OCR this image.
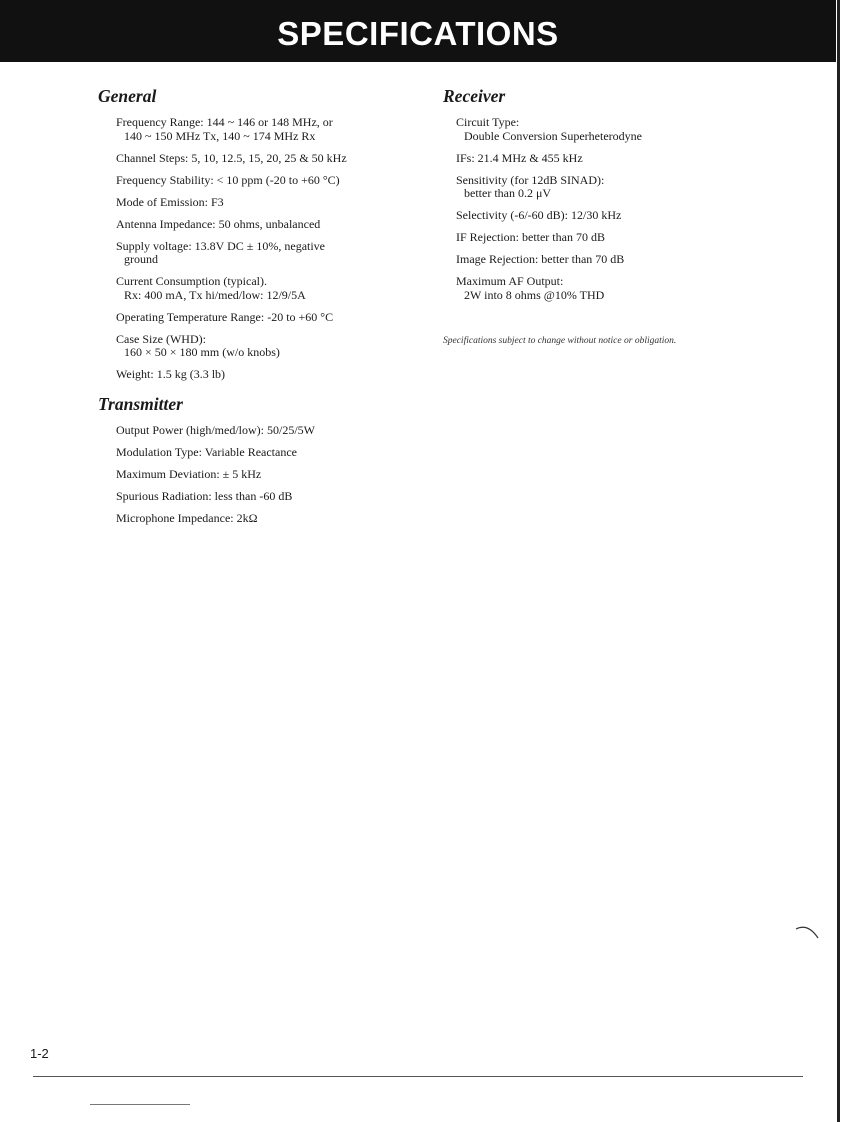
SPECIFICATIONS
General
Frequency Range: 144 ~ 146 or 148 MHz, or
140 ~ 150 MHz Tx, 140 ~ 174 MHz Rx
Channel Steps: 5, 10, 12.5, 15, 20, 25 & 50 kHz
Frequency Stability: < 10 ppm (-20 to +60 °C)
Mode of Emission: F3
Antenna Impedance: 50 ohms, unbalanced
Supply voltage: 13.8V DC ± 10%, negative
ground
Current Consumption (typical).
Rx: 400 mA, Tx hi/med/low: 12/9/5A
Operating Temperature Range: -20 to +60 °C
Case Size (WHD):
160 × 50 × 180 mm (w/o knobs)
Weight: 1.5 kg (3.3 lb)
Transmitter
Output Power (high/med/low): 50/25/5W
Modulation Type: Variable Reactance
Maximum Deviation: ± 5 kHz
Spurious Radiation: less than -60 dB
Microphone Impedance: 2kΩ
Receiver
Circuit Type:
Double Conversion Superheterodyne
IFs: 21.4 MHz & 455 kHz
Sensitivity (for 12dB SINAD):
better than 0.2 μV
Selectivity (-6/-60 dB): 12/30 kHz
IF Rejection: better than 70 dB
Image Rejection: better than 70 dB
Maximum AF Output:
2W into 8 ohms @10% THD
Specifications subject to change without notice or obligation.
1-2
